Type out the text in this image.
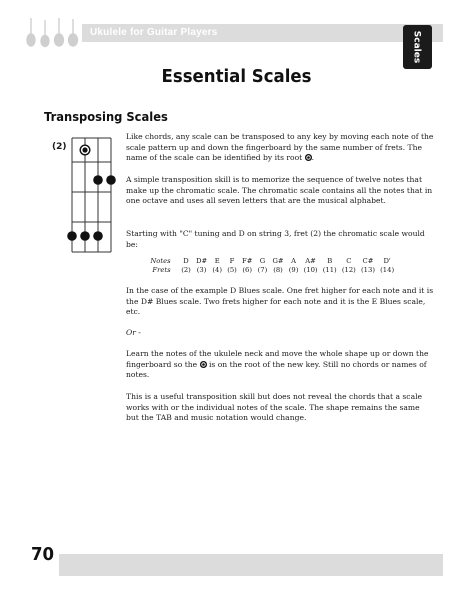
Ukulele for Guitar Players	Scales
Essential Scales
Transposing Scales
(2)

Like chords, any scale can be transposed to any key by moving each note of the scale pattern up and down the fingerboard by the same number of frets. The name of the scale can be identified by its root .

A simple transposition skill is to memorize the sequence of twelve notes that make up the chromatic scale. The chromatic scale contains all the notes that in one octave and uses all seven letters that are the musical alphabet.

Starting with "C" tuning and D on string 3, fret (2) the chromatic scale would be:

Notes	D	D#	E	F	F#	G	G#	A	A#	B	C	C#	D'
Frets	(2)	(3)	(4)	(5)	(6)	(7)	(8)	(9)	(10)	(11)	(12)	(13)	(14)

In the case of the example D Blues scale. One fret higher for each note and it is the D# Blues scale. Two frets higher for each note and it is the E Blues scale, etc.

Or -

Learn the notes of the ukulele neck and move the whole shape up or down the fingerboard so the is on the root of the new key. Still no chords or names of notes.

This is a useful transposition skill but does not reveal the chords that a scale works with or the individual notes of the scale. The shape remains the same but the TAB and music notation would change.

70
